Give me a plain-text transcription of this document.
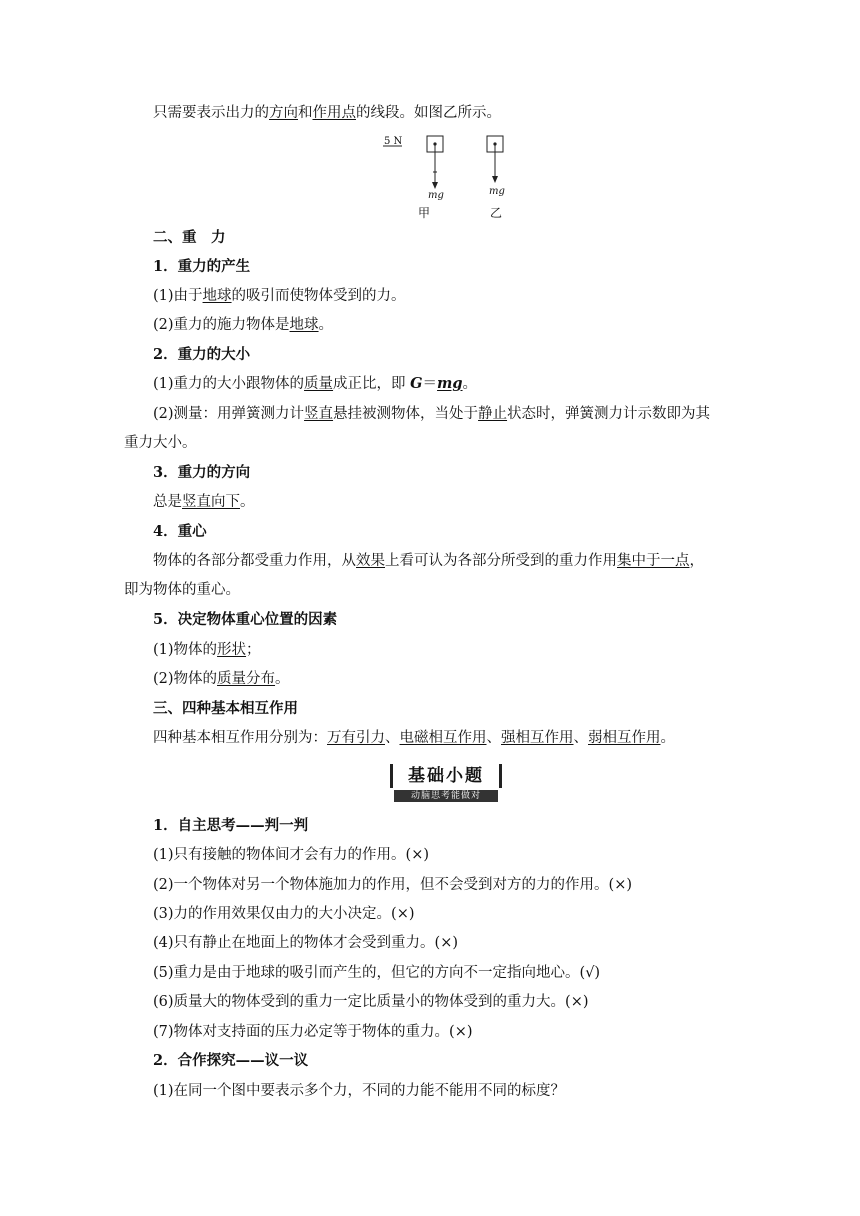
只需要表示出力的方向和作用点的线段。如图乙所示。
5 N
mg	mg
甲	乙
二、重　力
1．重力的产生
(1)由于地球的吸引而使物体受到的力。
(2)重力的施力物体是地球。
2．重力的大小
(1)重力的大小跟物体的质量成正比，即 G＝mg。
(2)测量：用弹簧测力计竖直悬挂被测物体，当处于静止状态时，弹簧测力计示数即为其
重力大小。
3．重力的方向
总是竖直向下。
4．重心
物体的各部分都受重力作用，从效果上看可认为各部分所受到的重力作用集中于一点，
即为物体的重心。
5．决定物体重心位置的因素
(1)物体的形状；
(2)物体的质量分布。
三、四种基本相互作用
四种基本相互作用分别为：万有引力、电磁相互作用、强相互作用、弱相互作用。
基础小题
动脑思考能做对
1．自主思考——判一判
(1)只有接触的物体间才会有力的作用。(×)
(2)一个物体对另一个物体施加力的作用，但不会受到对方的力的作用。(×)
(3)力的作用效果仅由力的大小决定。(×)
(4)只有静止在地面上的物体才会受到重力。(×)
(5)重力是由于地球的吸引而产生的，但它的方向不一定指向地心。(√)
(6)质量大的物体受到的重力一定比质量小的物体受到的重力大。(×)
(7)物体对支持面的压力必定等于物体的重力。(×)
2．合作探究——议一议
(1)在同一个图中要表示多个力，不同的力能不能用不同的标度？
